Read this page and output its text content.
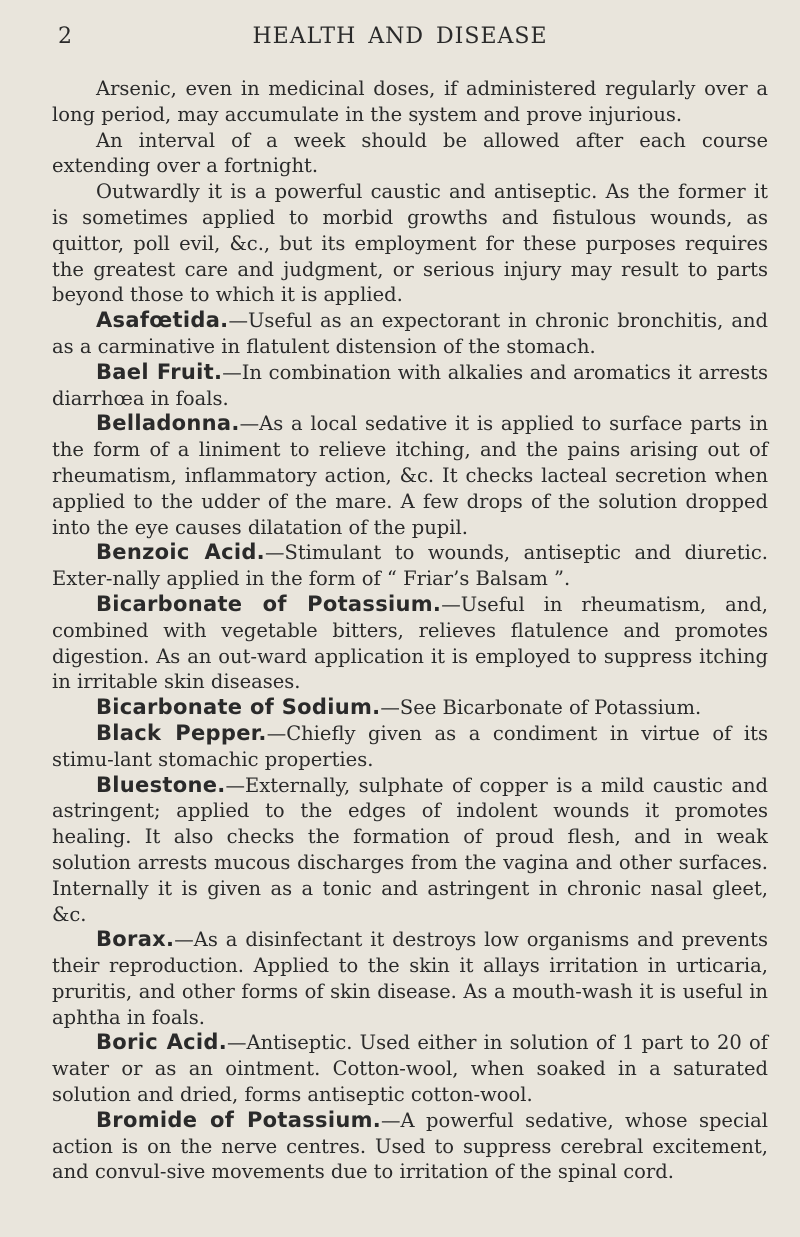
2	HEALTH AND DISEASE

Arsenic, even in medicinal doses, if administered regularly over a long period, may accumulate in the system and prove injurious.

An interval of a week should be allowed after each course extending over a fortnight.

Outwardly it is a powerful caustic and antiseptic. As the former it is sometimes applied to morbid growths and fistulous wounds, as quittor, poll evil, &c., but its employment for these purposes requires the greatest care and judgment, or serious injury may result to parts beyond those to which it is applied.

Asafœtida.—Useful as an expectorant in chronic bronchitis, and as a carminative in flatulent distension of the stomach.

Bael Fruit.—In combination with alkalies and aromatics it arrests diarrhœa in foals.

Belladonna.—As a local sedative it is applied to surface parts in the form of a liniment to relieve itching, and the pains arising out of rheumatism, inflammatory action, &c. It checks lacteal secretion when applied to the udder of the mare. A few drops of the solution dropped into the eye causes dilatation of the pupil.

Benzoic Acid.—Stimulant to wounds, antiseptic and diuretic. Exter-nally applied in the form of “ Friar’s Balsam ”.

Bicarbonate of Potassium.—Useful in rheumatism, and, combined with vegetable bitters, relieves flatulence and promotes digestion. As an out-ward application it is employed to suppress itching in irritable skin diseases.

Bicarbonate of Sodium.—See Bicarbonate of Potassium.

Black Pepper.—Chiefly given as a condiment in virtue of its stimu-lant stomachic properties.

Bluestone.—Externally, sulphate of copper is a mild caustic and astringent; applied to the edges of indolent wounds it promotes healing. It also checks the formation of proud flesh, and in weak solution arrests mucous discharges from the vagina and other surfaces. Internally it is given as a tonic and astringent in chronic nasal gleet, &c.

Borax.—As a disinfectant it destroys low organisms and prevents their reproduction. Applied to the skin it allays irritation in urticaria, pruritis, and other forms of skin disease. As a mouth-wash it is useful in aphtha in foals.

Boric Acid.—Antiseptic. Used either in solution of 1 part to 20 of water or as an ointment. Cotton-wool, when soaked in a saturated solution and dried, forms antiseptic cotton-wool.

Bromide of Potassium.—A powerful sedative, whose special action is on the nerve centres. Used to suppress cerebral excitement, and convul-sive movements due to irritation of the spinal cord.
